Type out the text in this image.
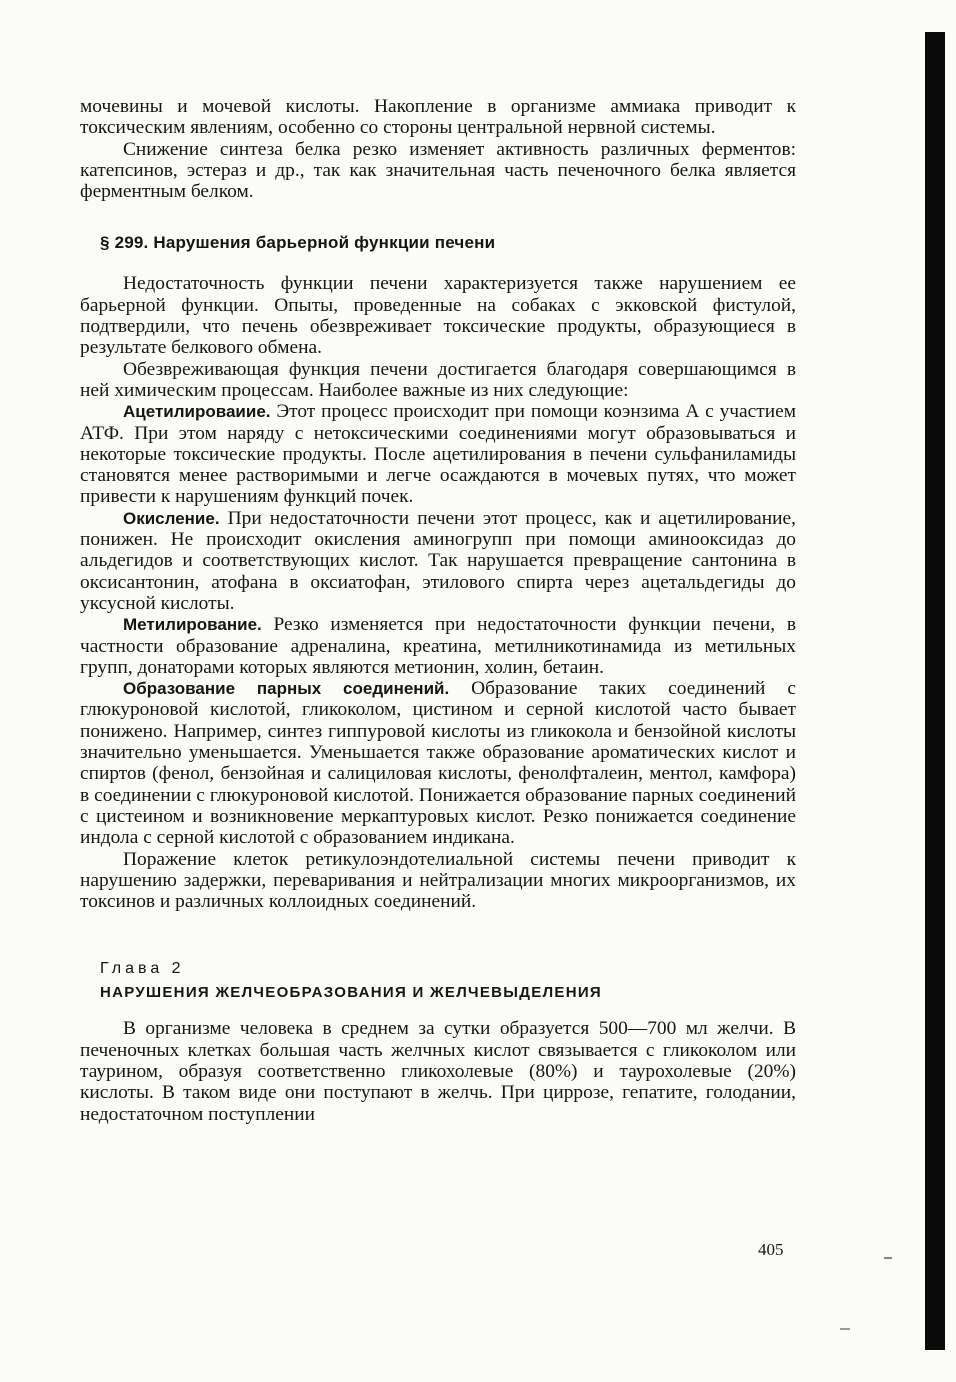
мочевины и мочевой кислоты. Накопление в организме аммиака приводит к токсическим явлениям, особенно со стороны центральной нервной системы.

Снижение синтеза белка резко изменяет активность различных ферментов: катепсинов, эстераз и др., так как значительная часть печеночного белка является ферментным белком.

§ 299. Нарушения барьерной функции печени

Недостаточность функции печени характеризуется также нарушением ее барьерной функции. Опыты, проведенные на собаках с экковской фистулой, подтвердили, что печень обезвреживает токсические продукты, образующиеся в результате белкового обмена.

Обезвреживающая функция печени достигается благодаря совершающимся в ней химическим процессам. Наиболее важные из них следующие:

Ацетилироваиие. Этот процесс происходит при помощи коэнзима А с участием АТФ. При этом наряду с нетоксическими соединениями могут образовываться и некоторые токсические продукты. После ацетилирования в печени сульфаниламиды становятся менее растворимыми и легче осаждаются в мочевых путях, что может привести к нарушениям функций почек.

Окисление. При недостаточности печени этот процесс, как и ацетилирование, понижен. Не происходит окисления аминогрупп при помощи аминооксидаз до альдегидов и соответствующих кислот. Так нарушается превращение сантонина в оксисантонин, атофана в оксиатофан, этилового спирта через ацетальдегиды до уксусной кислоты.

Метилирование. Резко изменяется при недостаточности функции печени, в частности образование адреналина, креатина, метилникотинамида из метильных групп, донаторами которых являются метионин, холин, бетаин.

Образование парных соединений. Образование таких соединений с глюкуроновой кислотой, гликоколом, цистином и серной кислотой часто бывает понижено. Например, синтез гиппуровой кислоты из гликокола и бензойной кислоты значительно уменьшается. Уменьшается также образование ароматических кислот и спиртов (фенол, бензойная и салициловая кислоты, фенолфталеин, ментол, камфора) в соединении с глюкуроновой кислотой. Понижается образование парных соединений с цистеином и возникновение меркаптуровых кислот. Резко понижается соединение индола с серной кислотой с образованием индикана.

Поражение клеток ретикулоэндотелиальной системы печени приводит к нарушению задержки, переваривания и нейтрализации многих микроорганизмов, их токсинов и различных коллоидных соединений.

Глава 2
НАРУШЕНИЯ ЖЕЛЧЕОБРАЗОВАНИЯ И ЖЕЛЧЕВЫДЕЛЕНИЯ

В организме человека в среднем за сутки образуется 500—700 мл желчи. В печеночных клетках большая часть желчных кислот связывается с гликоколом или таурином, образуя соответственно гликохолевые (80%) и таурохолевые (20%) кислоты. В таком виде они поступают в желчь. При циррозе, гепатите, голодании, недостаточном поступлении

405
